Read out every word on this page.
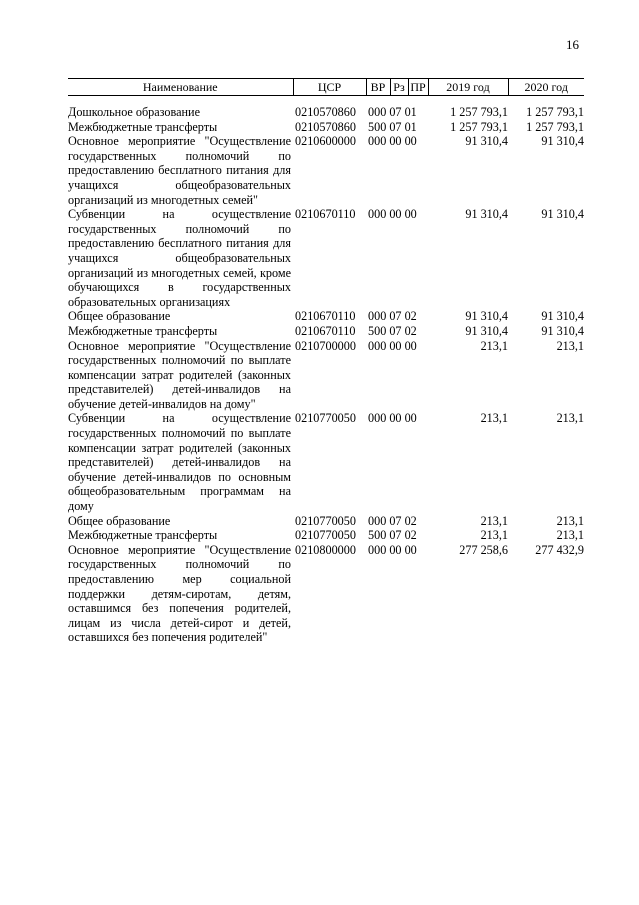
16
Наименование	ЦСР	ВР	Рз	ПР	2019 год	2020 год

Дошкольное образование	0210570860	000 07 01			1 257 793,1	1 257 793,1
Межбюджетные трансферты	0210570860	500 07 01			1 257 793,1	1 257 793,1
Основное мероприятие "Осуществление государственных полномочий по предоставлению бесплатного питания для учащихся общеобразовательных организаций из многодетных семей"	0210600000	000 00 00			91 310,4	91 310,4
Субвенции на осуществление государственных полномочий по предоставлению бесплатного питания для учащихся общеобразовательных организаций из многодетных семей, кроме обучающихся в государственных образовательных организациях	0210670110	000 00 00			91 310,4	91 310,4
Общее образование	0210670110	000 07 02			91 310,4	91 310,4
Межбюджетные трансферты	0210670110	500 07 02			91 310,4	91 310,4
Основное мероприятие "Осуществление государственных полномочий по выплате компенсации затрат родителей (законных представителей) детей-инвалидов на обучение детей-инвалидов на дому"	0210700000	000 00 00			213,1	213,1
Субвенции на осуществление государственных полномочий по выплате компенсации затрат родителей (законных представителей) детей-инвалидов на обучение детей-инвалидов по основным общеобразовательным программам на дому	0210770050	000 00 00			213,1	213,1
Общее образование	0210770050	000 07 02			213,1	213,1
Межбюджетные трансферты	0210770050	500 07 02			213,1	213,1
Основное мероприятие "Осуществление государственных полномочий по предоставлению мер социальной поддержки детям-сиротам, детям, оставшимся без попечения родителей, лицам из числа детей-сирот и детей, оставшихся без попечения родителей"	0210800000	000 00 00			277 258,6	277 432,9
